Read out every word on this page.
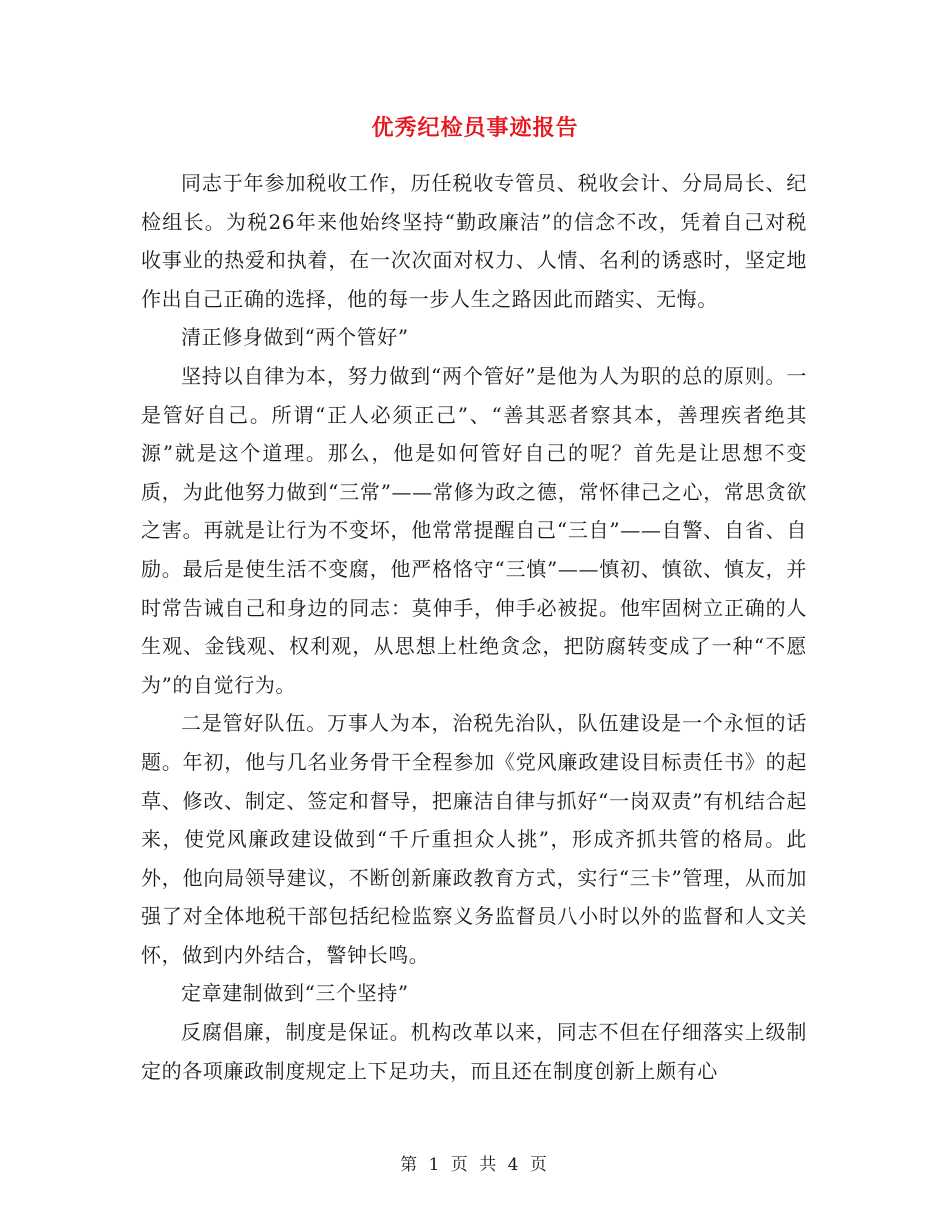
优秀纪检员事迹报告

同志于年参加税收工作，历任税收专管员、税收会计、分局局长、纪检组长。为税26年来他始终坚持“勤政廉洁”的信念不改，凭着自己对税收事业的热爱和执着，在一次次面对权力、人情、名利的诱惑时，坚定地作出自己正确的选择，他的每一步人生之路因此而踏实、无悔。

清正修身做到“两个管好”

坚持以自律为本，努力做到“两个管好”是他为人为职的总的原则。一是管好自己。所谓“正人必须正己”、“善其恶者察其本，善理疾者绝其源”就是这个道理。那么，他是如何管好自己的呢？首先是让思想不变质，为此他努力做到“三常”——常修为政之德，常怀律己之心，常思贪欲之害。再就是让行为不变坏，他常常提醒自己“三自”——自警、自省、自励。最后是使生活不变腐，他严格恪守“三慎”——慎初、慎欲、慎友，并时常告诫自己和身边的同志：莫伸手，伸手必被捉。他牢固树立正确的人生观、金钱观、权利观，从思想上杜绝贪念，把防腐转变成了一种“不愿为”的自觉行为。

二是管好队伍。万事人为本，治税先治队，队伍建设是一个永恒的话题。年初，他与几名业务骨干全程参加《党风廉政建设目标责任书》的起草、修改、制定、签定和督导，把廉洁自律与抓好“一岗双责”有机结合起来，使党风廉政建设做到“千斤重担众人挑”，形成齐抓共管的格局。此外，他向局领导建议，不断创新廉政教育方式，实行“三卡”管理，从而加强了对全体地税干部包括纪检监察义务监督员八小时以外的监督和人文关怀，做到内外结合，警钟长鸣。

定章建制做到“三个坚持”

反腐倡廉，制度是保证。机构改革以来，同志不但在仔细落实上级制定的各项廉政制度规定上下足功夫，而且还在制度创新上颇有心

第 1 页 共 4 页
